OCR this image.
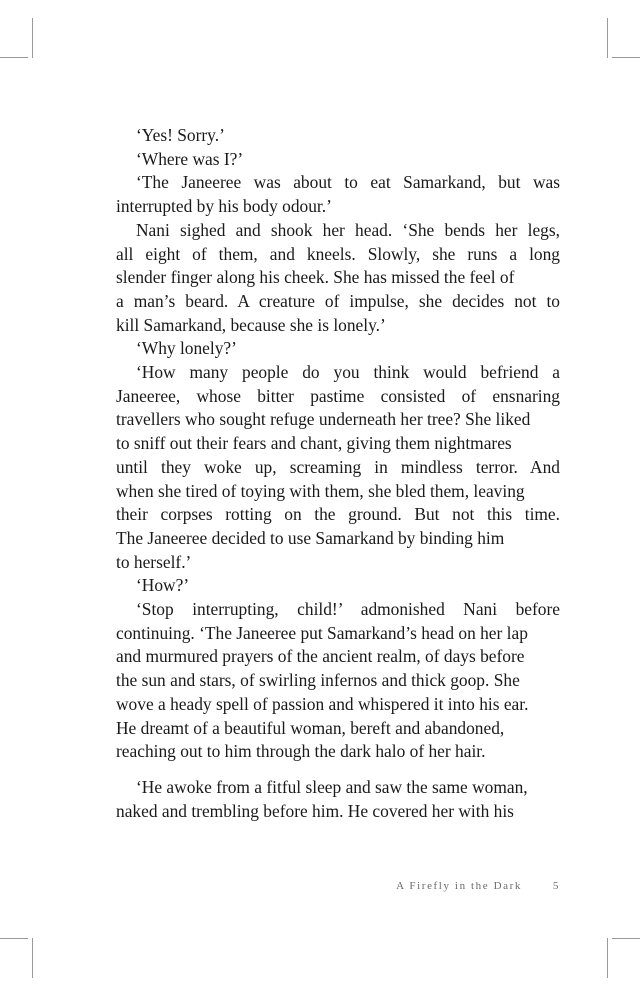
‘Yes! Sorry.’
‘Where was I?’
‘The Janeeree was about to eat Samarkand, but was
interrupted by his body odour.’
Nani sighed and shook her head. ‘She bends her legs,
all eight of them, and kneels. Slowly, she runs a long
slender finger along his cheek. She has missed the feel of
a man’s beard. A creature of impulse, she decides not to
kill Samarkand, because she is lonely.’
‘Why lonely?’
‘How many people do you think would befriend a
Janeeree, whose bitter pastime consisted of ensnaring
travellers who sought refuge underneath her tree? She liked
to sniff out their fears and chant, giving them nightmares
until they woke up, screaming in mindless terror. And
when she tired of toying with them, she bled them, leaving
their corpses rotting on the ground. But not this time.
The Janeeree decided to use Samarkand by binding him
to herself.’
‘How?’
‘Stop interrupting, child!’ admonished Nani before
continuing. ‘The Janeeree put Samarkand’s head on her lap
and murmured prayers of the ancient realm, of days before
the sun and stars, of swirling infernos and thick goop. She
wove a heady spell of passion and whispered it into his ear.
He dreamt of a beautiful woman, bereft and abandoned,
reaching out to him through the dark halo of her hair.
‘He awoke from a fitful sleep and saw the same woman,
naked and trembling before him. He covered her with his
A Firefly in the Dark	5
